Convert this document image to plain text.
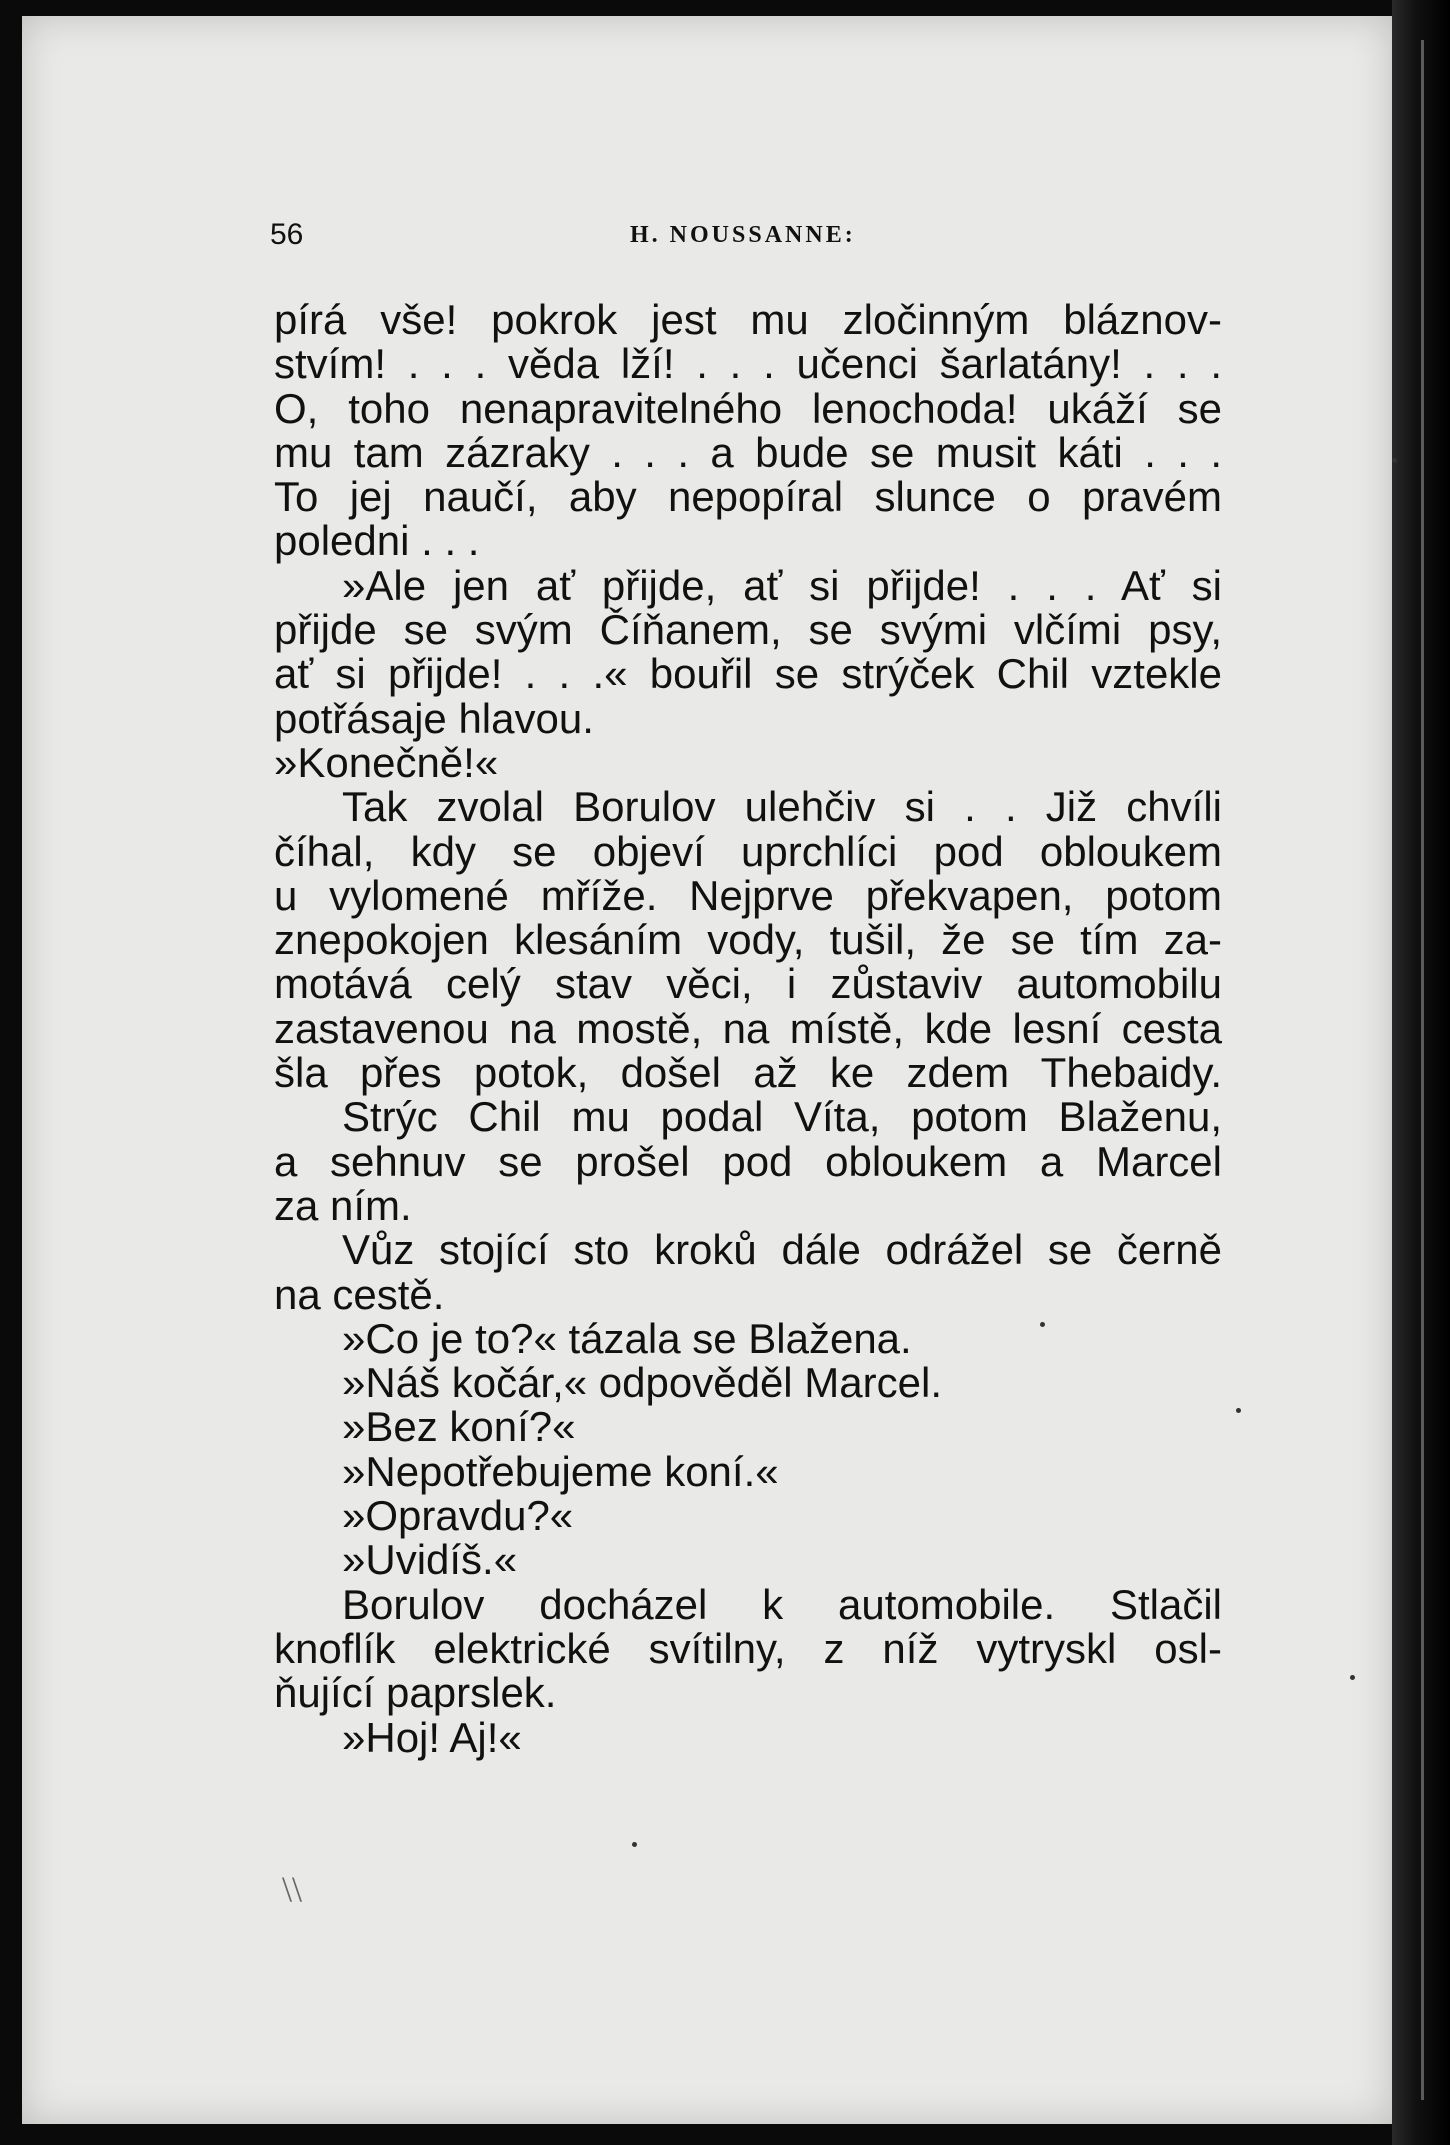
56	H. NOUSSANNE:
pírá vše! pokrok jest mu zločinným bláznov-
stvím! . . . věda lží! . . . učenci šarlatány! . . .
O, toho nenapravitelného lenochoda! ukáží se
mu tam zázraky . . . a bude se musit káti . . .
To jej naučí, aby nepopíral slunce o pravém
poledni . . .
»Ale jen ať přijde, ať si přijde! . . . Ať si
přijde se svým Číňanem, se svými vlčími psy,
ať si přijde! . . .« bouřil se strýček Chil vztekle
potřásaje hlavou.
»Konečně!«
Tak zvolal Borulov ulehčiv si . . Již chvíli
číhal, kdy se objeví uprchlíci pod obloukem
u vylomené mříže. Nejprve překvapen, potom
znepokojen klesáním vody, tušil, že se tím za-
motává celý stav věci, i zůstaviv automobilu
zastavenou na mostě, na místě, kde lesní cesta
šla přes potok, došel až ke zdem Thebaidy.
Strýc Chil mu podal Víta, potom Blaženu,
a sehnuv se prošel pod obloukem a Marcel
za ním.
Vůz stojící sto kroků dále odrážel se černě
na cestě.
»Co je to?« tázala se Blažena.
»Náš kočár,« odpověděl Marcel.
»Bez koní?«
»Nepotřebujeme koní.«
»Opravdu?«
»Uvidíš.«
Borulov docházel k automobile. Stlačil
knoflík elektrické svítilny, z níž vytryskl osl-
ňující paprslek.
»Hoj! Aj!«
\\
